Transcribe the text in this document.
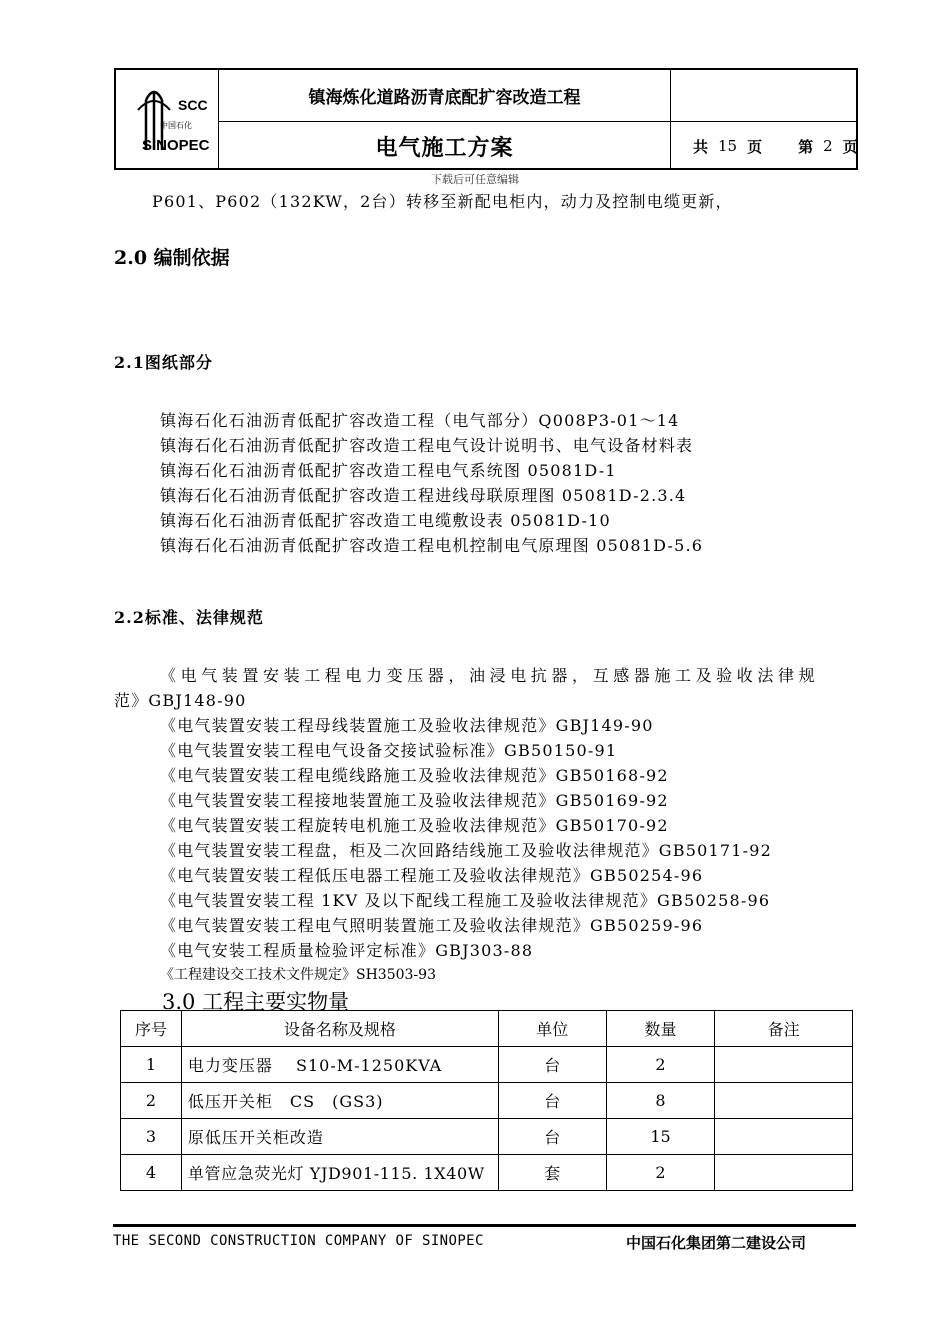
SCC
中国石化
SINOPEC
镇海炼化道路沥青底配扩容改造工程
电气施工方案	共 15 页 第 2 页
下载后可任意编辑
P601、P602（132KW，2台）转移至新配电柜内，动力及控制电缆更新，
2.0 编制依据
2.1图纸部分
镇海石化石油沥青低配扩容改造工程（电气部分）Q008P3-01～14
镇海石化石油沥青低配扩容改造工程电气设计说明书、电气设备材料表
镇海石化石油沥青低配扩容改造工程电气系统图 05081D-1
镇海石化石油沥青低配扩容改造工程进线母联原理图 05081D-2.3.4
镇海石化石油沥青低配扩容改造工电缆敷设表 05081D-10
镇海石化石油沥青低配扩容改造工程电机控制电气原理图 05081D-5.6
2.2标准、法律规范
《电气装置安装工程电力变压器，油浸电抗器，互感器施工及验收法律规
范》GBJ148-90
《电气装置安装工程母线装置施工及验收法律规范》GBJ149-90
《电气装置安装工程电气设备交接试验标准》GB50150-91
《电气装置安装工程电缆线路施工及验收法律规范》GB50168-92
《电气装置安装工程接地装置施工及验收法律规范》GB50169-92
《电气装置安装工程旋转电机施工及验收法律规范》GB50170-92
《电气装置安装工程盘，柜及二次回路结线施工及验收法律规范》GB50171-92
《电气装置安装工程低压电器工程施工及验收法律规范》GB50254-96
《电气装置安装工程 1KV 及以下配线工程施工及验收法律规范》GB50258-96
《电气装置安装工程电气照明装置施工及验收法律规范》GB50259-96
《电气安装工程质量检验评定标准》GBJ303-88
《工程建设交工技术文件规定》SH3503-93
3.0 工程主要实物量
序号	设备名称及规格	单位	数量	备注
1	电力变压器　 S10-M-1250KVA	台	2	
2	低压开关柜　CS　(GS3)	台	8	
3	原低压开关柜改造	台	15	
4	单管应急荧光灯 YJD901-115. 1X40W	套	2	
THE SECOND CONSTRUCTION COMPANY OF SINOPEC	中国石化集团第二建设公司
